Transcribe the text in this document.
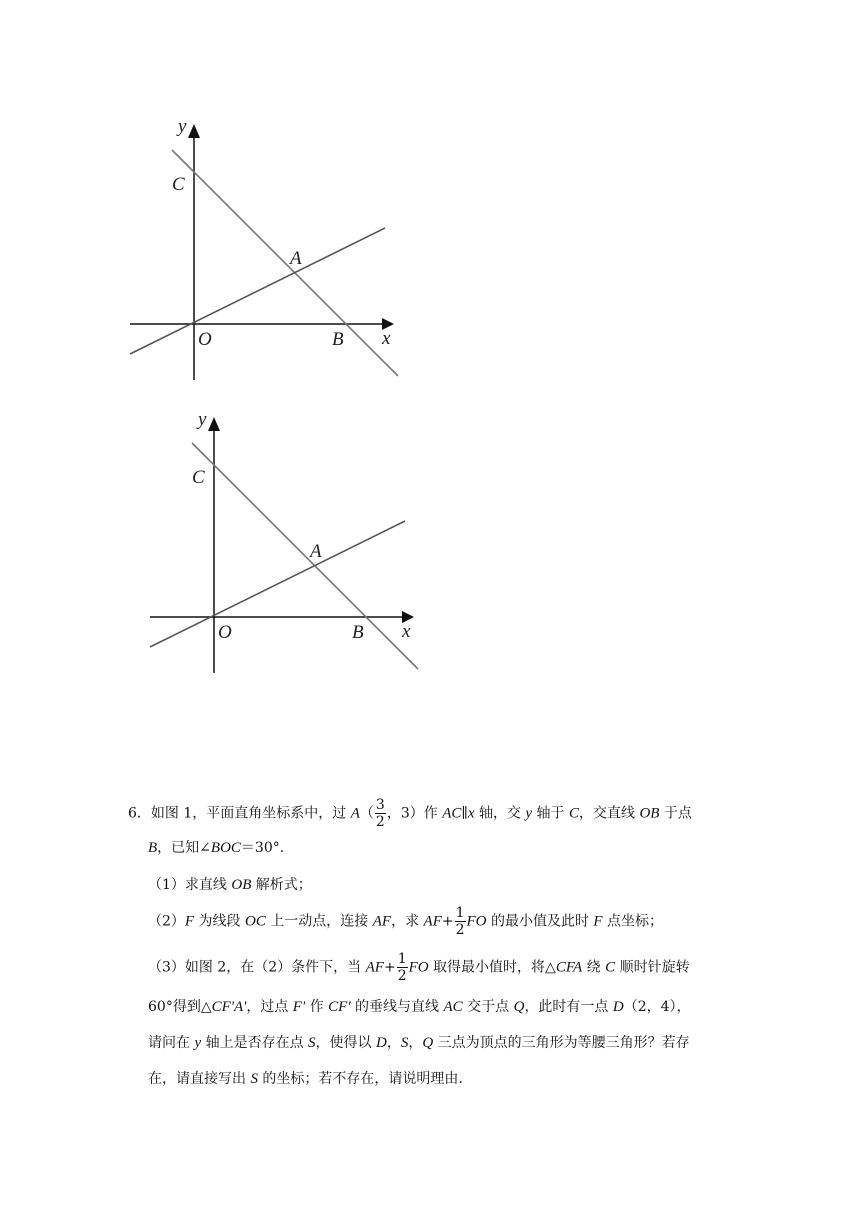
y
x
C
A
O	B
y
x
C
A
O	B
6．如图 1，平面直角坐标系中，过 $A( \frac{3}{2}$ ，3）作 AC∥x 轴，交 y 轴于 C，交直线 OB 于点
B，已知∠BOC＝30°．
（1）求直线 OB 解析式；
（2）F 为线段 OC 上一动点，连接 AF，求 $AF+ \frac{1}{2}$ FO 的最小值及此时 F 点坐标；
（3）如图 2，在（2）条件下，当 $AF+ \frac{1}{2}$ FO 取得最小值时，将△CFA 绕 C 顺时针旋转
60°得到△CF'A'，过点 F′ 作 CF′ 的垂线与直线 AC 交于点 Q，此时有一点 D（2，4），
请问在 y 轴上是否存在点 S，使得以 D，S，Q 三点为顶点的三角形为等腰三角形？若存
在，请直接写出 S 的坐标；若不存在，请说明理由.
